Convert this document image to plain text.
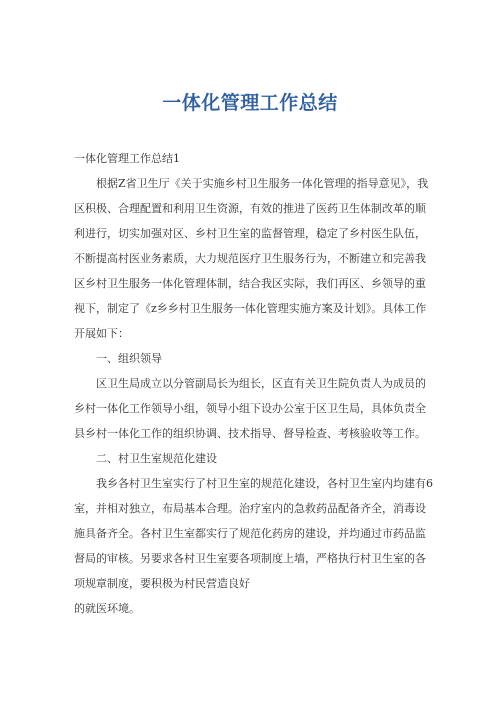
一体化管理工作总结

一体化管理工作总结1

根据Z省卫生厅《关于实施乡村卫生服务一体化管理的指导意见》，我区积极、合理配置和利用卫生资源，有效的推进了医药卫生体制改革的顺利进行，切实加强对区、乡村卫生室的监督管理，稳定了乡村医生队伍，不断提高村医业务素质，大力规范医疗卫生服务行为，不断建立和完善我区乡村卫生服务一体化管理体制，结合我区实际，我们再区、乡领导的重视下，制定了《z乡乡村卫生服务一体化管理实施方案及计划》。具体工作开展如下：

一、组织领导

区卫生局成立以分管副局长为组长，区直有关卫生院负责人为成员的乡村一体化工作领导小组，领导小组下设办公室于区卫生局，具体负责全县乡村一体化工作的组织协调、技术指导、督导检查、考核验收等工作。

二、村卫生室规范化建设

我乡各村卫生室实行了村卫生室的规范化建设，各村卫生室内均建有6室，并相对独立，布局基本合理。治疗室内的急救药品配备齐全，消毒设施具备齐全。各村卫生室都实行了规范化药房的建设，并均通过市药品监督局的审核。另要求各村卫生室要各项制度上墙，严格执行村卫生室的各项规章制度，要积极为村民营造良好

的就医环境。
